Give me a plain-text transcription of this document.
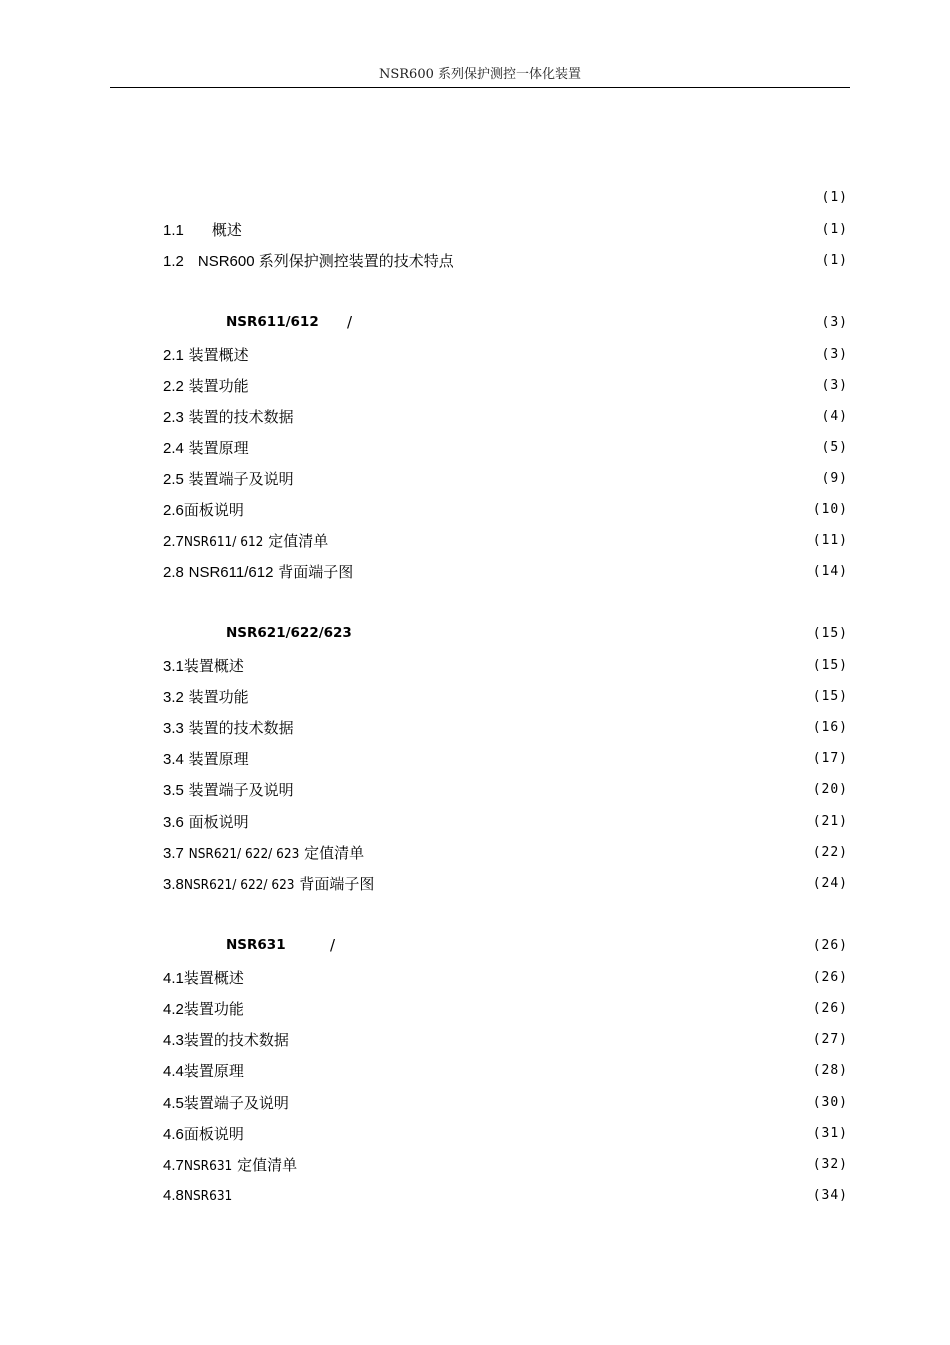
NSR600 系列保护测控一体化装置
(1)
1.1 概述	(1)
1.2 NSR600 系列保护测控装置的技术特点	(1)
NSR611/612 /	(3)
2.1 装置概述	(3)
2.2 装置功能	(3)
2.3 装置的技术数据	(4)
2.4 装置原理	(5)
2.5 装置端子及说明	(9)
2.6面板说明	(10)
2.7NSR611/ 612 定值清单	(11)
2.8 NSR611/612 背面端子图	(14)
NSR621/622/623	(15)
3.1装置概述	(15)
3.2 装置功能	(15)
3.3 装置的技术数据	(16)
3.4 装置原理	(17)
3.5 装置端子及说明	(20)
3.6 面板说明	(21)
3.7 NSR621/ 622/ 623 定值清单	(22)
3.8NSR621/ 622/ 623 背面端子图	(24)
NSR631	/	(26)
4.1装置概述	(26)
4.2装置功能	(26)
4.3装置的技术数据	(27)
4.4装置原理	(28)
4.5装置端子及说明	(30)
4.6面板说明	(31)
4.7NSR631 定值清单	(32)
4.8NSR631	(34)
